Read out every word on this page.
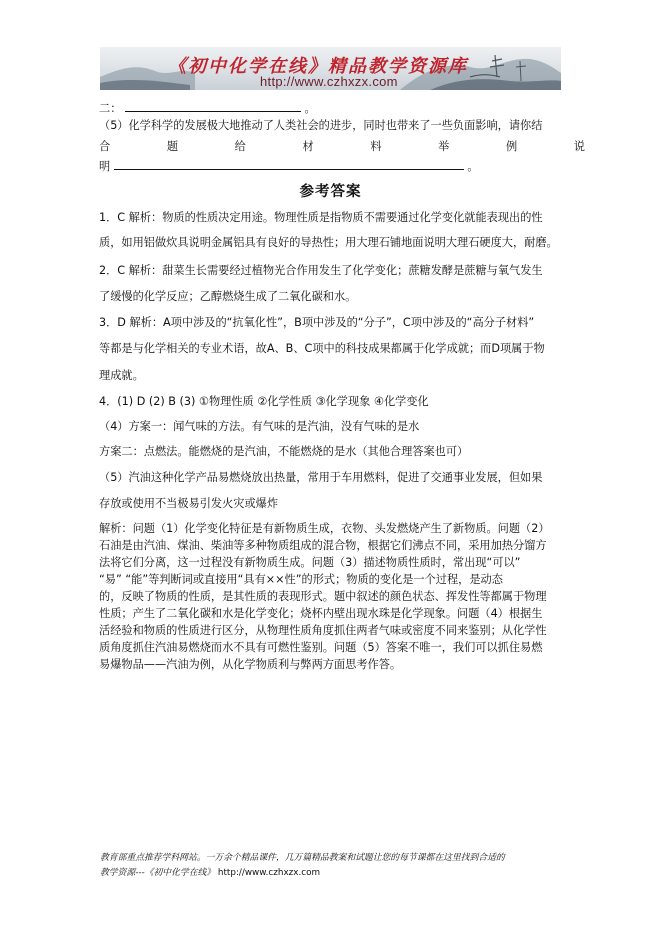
《初中化学在线》精品教学资源库
http://www.czhxzx.com
二：	。
（5）化学科学的发展极大地推动了人类社会的进步，同时也带来了一些负面影响，请你结
合	题	给	材	料	举	例	说
明	。
参考答案
1．C 解析：物质的性质决定用途。物理性质是指物质不需要通过化学变化就能表现出的性
质，如用铝做炊具说明金属铝具有良好的导热性；用大理石铺地面说明大理石硬度大，耐磨。
2．C 解析：甜菜生长需要经过植物光合作用发生了化学变化；蔗糖发酵是蔗糖与氧气发生
了缓慢的化学反应；乙醇燃烧生成了二氧化碳和水。
3．D 解析：A项中涉及的“抗氧化性”，B项中涉及的“分子”，C项中涉及的“高分子材料”
等都是与化学相关的专业术语，故A、B、C项中的科技成果都属于化学成就；而D项属于物
理成就。
4．(1) D (2) B (3) ①物理性质 ②化学性质 ③化学现象 ④化学变化
（4）方案一：闻气味的方法。有气味的是汽油，没有气味的是水
方案二：点燃法。能燃烧的是汽油，不能燃烧的是水（其他合理答案也可）
（5）汽油这种化学产品易燃烧放出热量，常用于车用燃料，促进了交通事业发展，但如果
存放或使用不当极易引发火灾或爆炸
解析：问题（1）化学变化特征是有新物质生成，衣物、头发燃烧产生了新物质。问题（2）
石油是由汽油、煤油、柴油等多种物质组成的混合物，根据它们沸点不同，采用加热分馏方
法将它们分离，这一过程没有新物质生成。问题（3）描述物质性质时，常出现“可以”
“易” “能”等判断词或直接用“具有××性”的形式；物质的变化是一个过程，是动态
的，反映了物质的性质，是其性质的表现形式。题中叙述的颜色状态、挥发性等都属于物理
性质；产生了二氧化碳和水是化学变化；烧杯内壁出现水珠是化学现象。问题（4）根据生
活经验和物质的性质进行区分，从物理性质角度抓住两者气味或密度不同来鉴别；从化学性
质角度抓住汽油易燃烧而水不具有可燃性鉴别。问题（5）答案不唯一，我们可以抓住易燃
易爆物品——汽油为例，从化学物质利与弊两方面思考作答。
教育部重点推荐学科网站。一万余个精品课件，几万篇精品教案和试题让您的每节课都在这里找到合适的
教学资源---《初中化学在线》 http://www.czhxzx.com
